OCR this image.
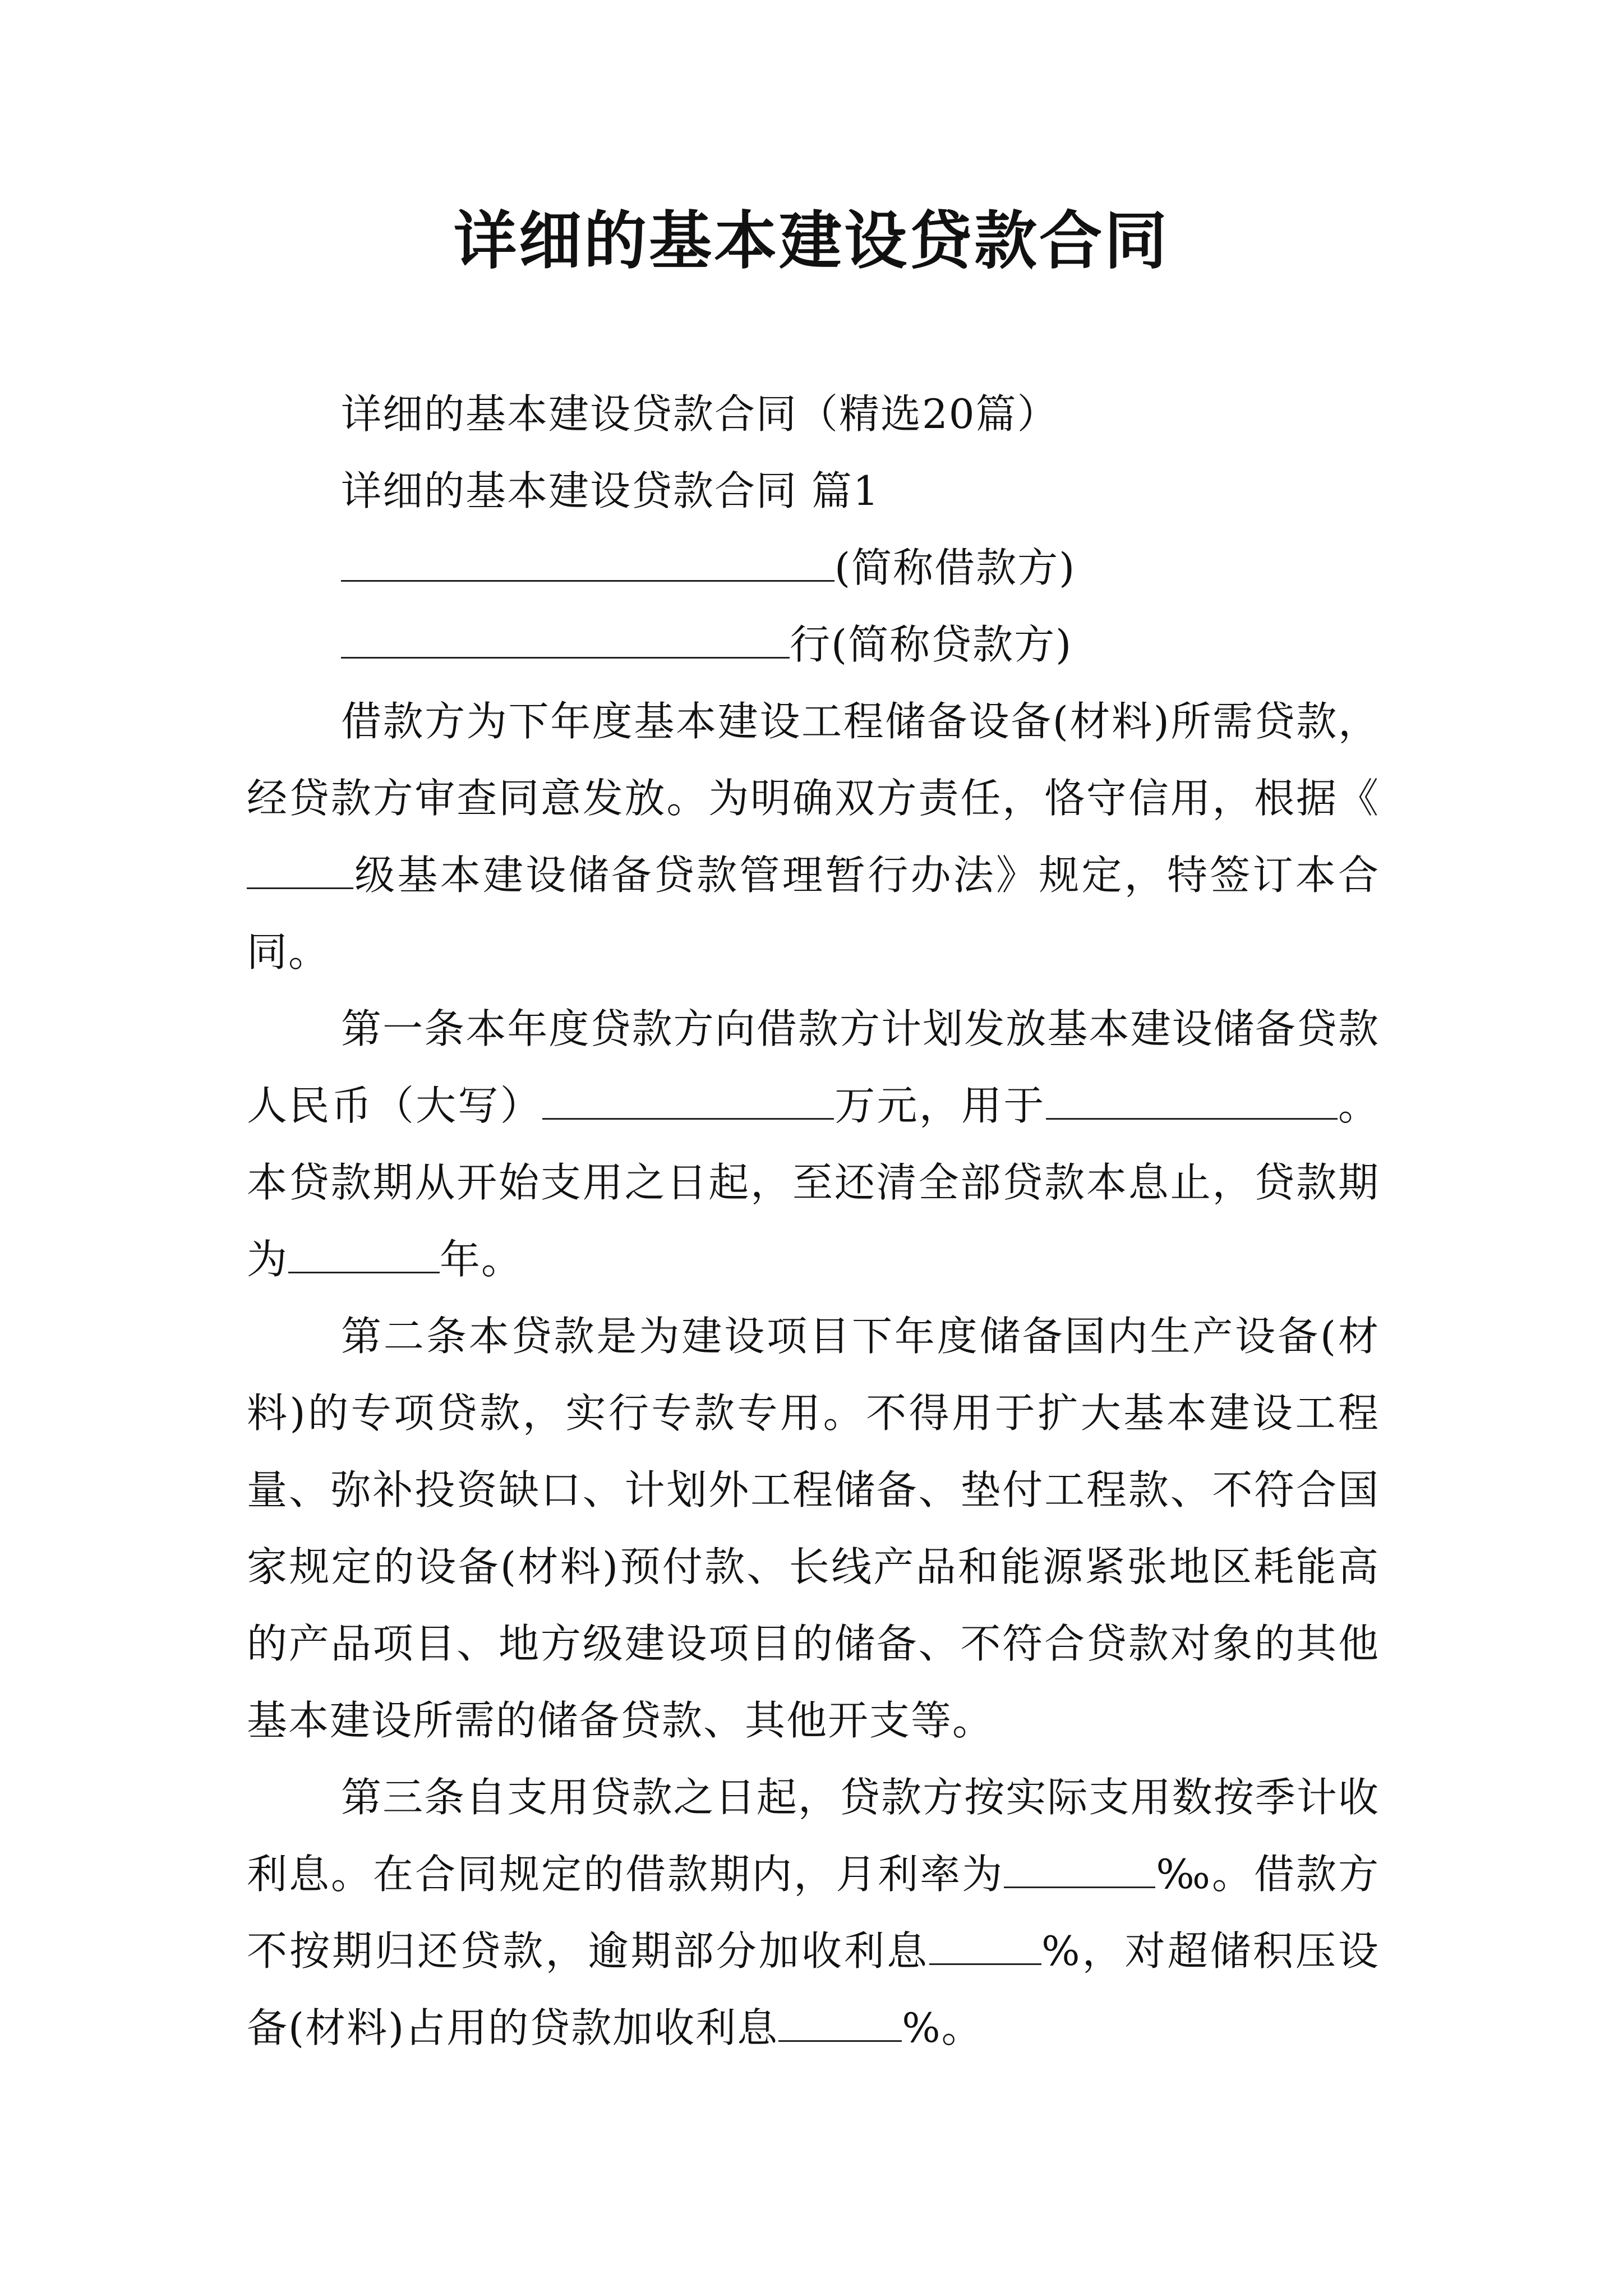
详细的基本建设贷款合同

详细的基本建设贷款合同（精选20篇）

详细的基本建设贷款合同 篇1

(简称借款方)

行(简称贷款方)

借款方为下年度基本建设工程储备设备(材料)所需贷款，经贷款方审查同意发放。为明确双方责任，恪守信用，根据《级基本建设储备贷款管理暂行办法》规定，特签订本合同。

第一条本年度贷款方向借款方计划发放基本建设储备贷款人民币（大写）	万元，用于	。本贷款期从开始支用之日起，至还清全部贷款本息止，贷款期为	年。

第二条本贷款是为建设项目下年度储备国内生产设备(材料)的专项贷款，实行专款专用。不得用于扩大基本建设工程量、弥补投资缺口、计划外工程储备、垫付工程款、不符合国家规定的设备(材料)预付款、长线产品和能源紧张地区耗能高的产品项目、地方级建设项目的储备、不符合贷款对象的其他基本建设所需的储备贷款、其他开支等。

第三条自支用贷款之日起，贷款方按实际支用数按季计收利息。在合同规定的借款期内，月利率为	‰。借款方不按期归还贷款，逾期部分加收利息	%，对超储积压设备(材料)占用的贷款加收利息	%。
